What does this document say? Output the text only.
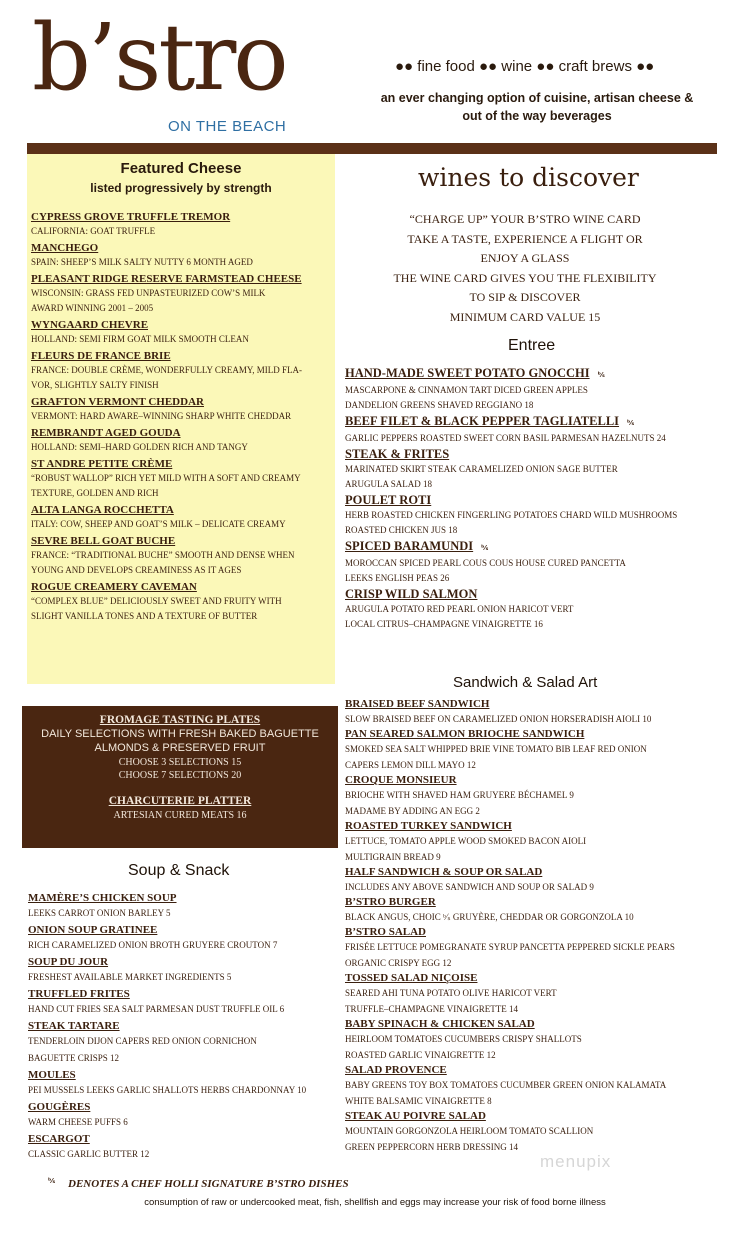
b’stro
ON THE BEACH
●● fine food ●● wine ●● craft brews ●●
an ever changing option of cuisine, artisan cheese & out of the way beverages
Featured Cheese
listed progressively by strength
CYPRESS GROVE TRUFFLE TREMOR
CALIFORNIA: GOAT TRUFFLE
MANCHEGO
SPAIN: SHEEP’S MILK SALTY NUTTY 6 MONTH AGED
PLEASANT RIDGE RESERVE FARMSTEAD CHEESE
WISCONSIN: GRASS FED UNPASTEURIZED COW’S MILK
AWARD WINNING 2001 – 2005
WYNGAARD CHEVRE
HOLLAND: SEMI FIRM GOAT MILK SMOOTH CLEAN
FLEURS DE FRANCE BRIE
FRANCE: DOUBLE CRÈME, WONDERFULLY CREAMY, MILD FLA-
VOR, SLIGHTLY SALTY FINISH
GRAFTON VERMONT CHEDDAR
VERMONT: HARD AWARE–WINNING SHARP WHITE CHEDDAR
REMBRANDT AGED GOUDA
HOLLAND: SEMI–HARD GOLDEN RICH AND TANGY
ST ANDRE PETITE CRÈME
“ROBUST WALLOP” RICH YET MILD WITH A SOFT AND CREAMY
TEXTURE, GOLDEN AND RICH
ALTA LANGA ROCCHETTA
ITALY: COW, SHEEP AND GOAT’S MILK – DELICATE CREAMY
SEVRE BELL GOAT BUCHE
FRANCE: “TRADITIONAL BUCHE” SMOOTH AND DENSE WHEN
YOUNG AND DEVELOPS CREAMINESS AS IT AGES
ROGUE CREAMERY CAVEMAN
“COMPLEX BLUE” DELICIOUSLY SWEET AND FRUITY WITH
SLIGHT VANILLA TONES AND A TEXTURE OF BUTTER
FROMAGE TASTING PLATES
DAILY SELECTIONS WITH FRESH BAKED BAGUETTE
ALMONDS & PRESERVED FRUIT
CHOOSE 3 SELECTIONS 15
CHOOSE 7 SELECTIONS 20
CHARCUTERIE PLATTER
ARTESIAN CURED MEATS 16
Soup & Snack
MAMÈRE’S CHICKEN SOUP
LEEKS CARROT ONION BARLEY 5
ONION SOUP GRATINEE
RICH CARAMELIZED ONION BROTH GRUYERE CROUTON 7
SOUP DU JOUR
FRESHEST AVAILABLE MARKET INGREDIENTS 5
TRUFFLED FRITES
HAND CUT FRIES SEA SALT PARMESAN DUST TRUFFLE OIL 6
STEAK TARTARE
TENDERLOIN DIJON CAPERS RED ONION CORNICHON
BAGUETTE CRISPS 12
MOULES
PEI MUSSELS LEEKS GARLIC SHALLOTS HERBS CHARDONNAY 10
GOUGÈRES
WARM CHEESE PUFFS 6
ESCARGOT
CLASSIC GARLIC BUTTER 12
wines to discover
“CHARGE UP” YOUR B’STRO WINE CARD
TAKE A TASTE, EXPERIENCE A FLIGHT OR
ENJOY A GLASS
THE WINE CARD GIVES YOU THE FLEXIBILITY
TO SIP & DISCOVER
MINIMUM CARD VALUE 15
Entree
HAND-MADE SWEET POTATO GNOCCHIᵇ⁄ₛ
MASCARPONE & CINNAMON TART DICED GREEN APPLES
DANDELION GREENS SHAVED REGGIANO 18
BEEF FILET & BLACK PEPPER TAGLIATELLIᵇ⁄ₛ
GARLIC PEPPERS ROASTED SWEET CORN BASIL PARMESAN HAZELNUTS 24
STEAK & FRITES
MARINATED SKIRT STEAK CARAMELIZED ONION SAGE BUTTER
ARUGULA SALAD 18
POULET ROTI
HERB ROASTED CHICKEN FINGERLING POTATOES CHARD WILD MUSHROOMS
ROASTED CHICKEN JUS 18
SPICED BARAMUNDIᵇ⁄ₛ
MOROCCAN SPICED PEARL COUS COUS HOUSE CURED PANCETTA
LEEKS ENGLISH PEAS 26
CRISP WILD SALMON
ARUGULA POTATO RED PEARL ONION HARICOT VERT
LOCAL CITRUS–CHAMPAGNE VINAIGRETTE 16
Sandwich & Salad Art
BRAISED BEEF SANDWICH
SLOW BRAISED BEEF ON CARAMELIZED ONION HORSERADISH AIOLI 10
PAN SEARED SALMON BRIOCHE SANDWICH
SMOKED SEA SALT WHIPPED BRIE VINE TOMATO BIB LEAF RED ONION
CAPERS LEMON DILL MAYO 12
CROQUE MONSIEUR
BRIOCHE WITH SHAVED HAM GRUYERE BÉCHAMEL 9
MADAME BY ADDING AN EGG 2
ROASTED TURKEY SANDWICH
LETTUCE, TOMATO APPLE WOOD SMOKED BACON AIOLI
MULTIGRAIN BREAD 9
HALF SANDWICH & SOUP OR SALAD
INCLUDES ANY ABOVE SANDWICH AND SOUP OR SALAD 9
B’STRO BURGER
BLACK ANGUS, CHOIC ᵇ⁄ₛ GRUYÈRE, CHEDDAR OR GORGONZOLA 10
B’STRO SALAD
FRISÉE LETTUCE POMEGRANATE SYRUP PANCETTA PEPPERED SICKLE PEARS
ORGANIC CRISPY EGG 12
TOSSED SALAD NIÇOISE
SEARED AHI TUNA POTATO OLIVE HARICOT VERT
TRUFFLE–CHAMPAGNE VINAIGRETTE 14
BABY SPINACH & CHICKEN SALAD
HEIRLOOM TOMATOES CUCUMBERS CRISPY SHALLOTS
ROASTED GARLIC VINAIGRETTE 12
SALAD PROVENCE
BABY GREENS TOY BOX TOMATOES CUCUMBER GREEN ONION KALAMATA
WHITE BALSAMIC VINAIGRETTE 8
STEAK AU POIVRE SALAD
MOUNTAIN GORGONZOLA HEIRLOOM TOMATO SCALLION
GREEN PEPPERCORN HERB DRESSING 14
ᵇ⁄ₛ DENOTES A CHEF HOLLI SIGNATURE B’STRO DISHES
consumption of raw or undercooked meat, fish, shellfish and eggs may increase your risk of food borne illness
menupix
